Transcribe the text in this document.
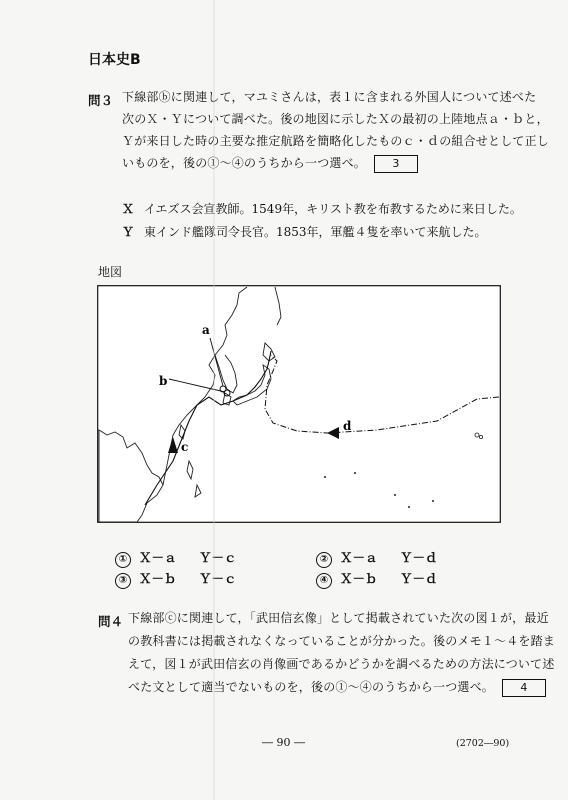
日本史B
問３ 下線部ⓑに関連して，マユミさんは，表１に含まれる外国人について述べた
次のＸ・Ｙについて調べた。後の地図に示したＸの最初の上陸地点ａ・ｂと，
Ｙが来日した時の主要な推定航路を簡略化したものｃ・ｄの組合せとして正し
いものを，後の①～④のうちから一つ選べ。 3
Ｘ イエズス会宣教師。1549年，キリスト教を布教するために来日した。
Ｙ 東インド艦隊司令長官。1853年，軍艦４隻を率いて来航した。
地図
a
b
c
d
① Ｘ－ａ Ｙ－ｃ	② Ｘ－ａ Ｙ－ｄ
③ Ｘ－ｂ Ｙ－ｃ	④ Ｘ－ｂ Ｙ－ｄ
問４ 下線部ⓒに関連して，「武田信玄像」として掲載されていた次の図１が，最近
の教科書には掲載されなくなっていることが分かった。後のメモ１～４を踏ま
えて，図１が武田信玄の肖像画であるかどうかを調べるための方法について述
べた文として適当でないものを，後の①～④のうちから一つ選べ。 4
― 90 ―	(2702―90)
